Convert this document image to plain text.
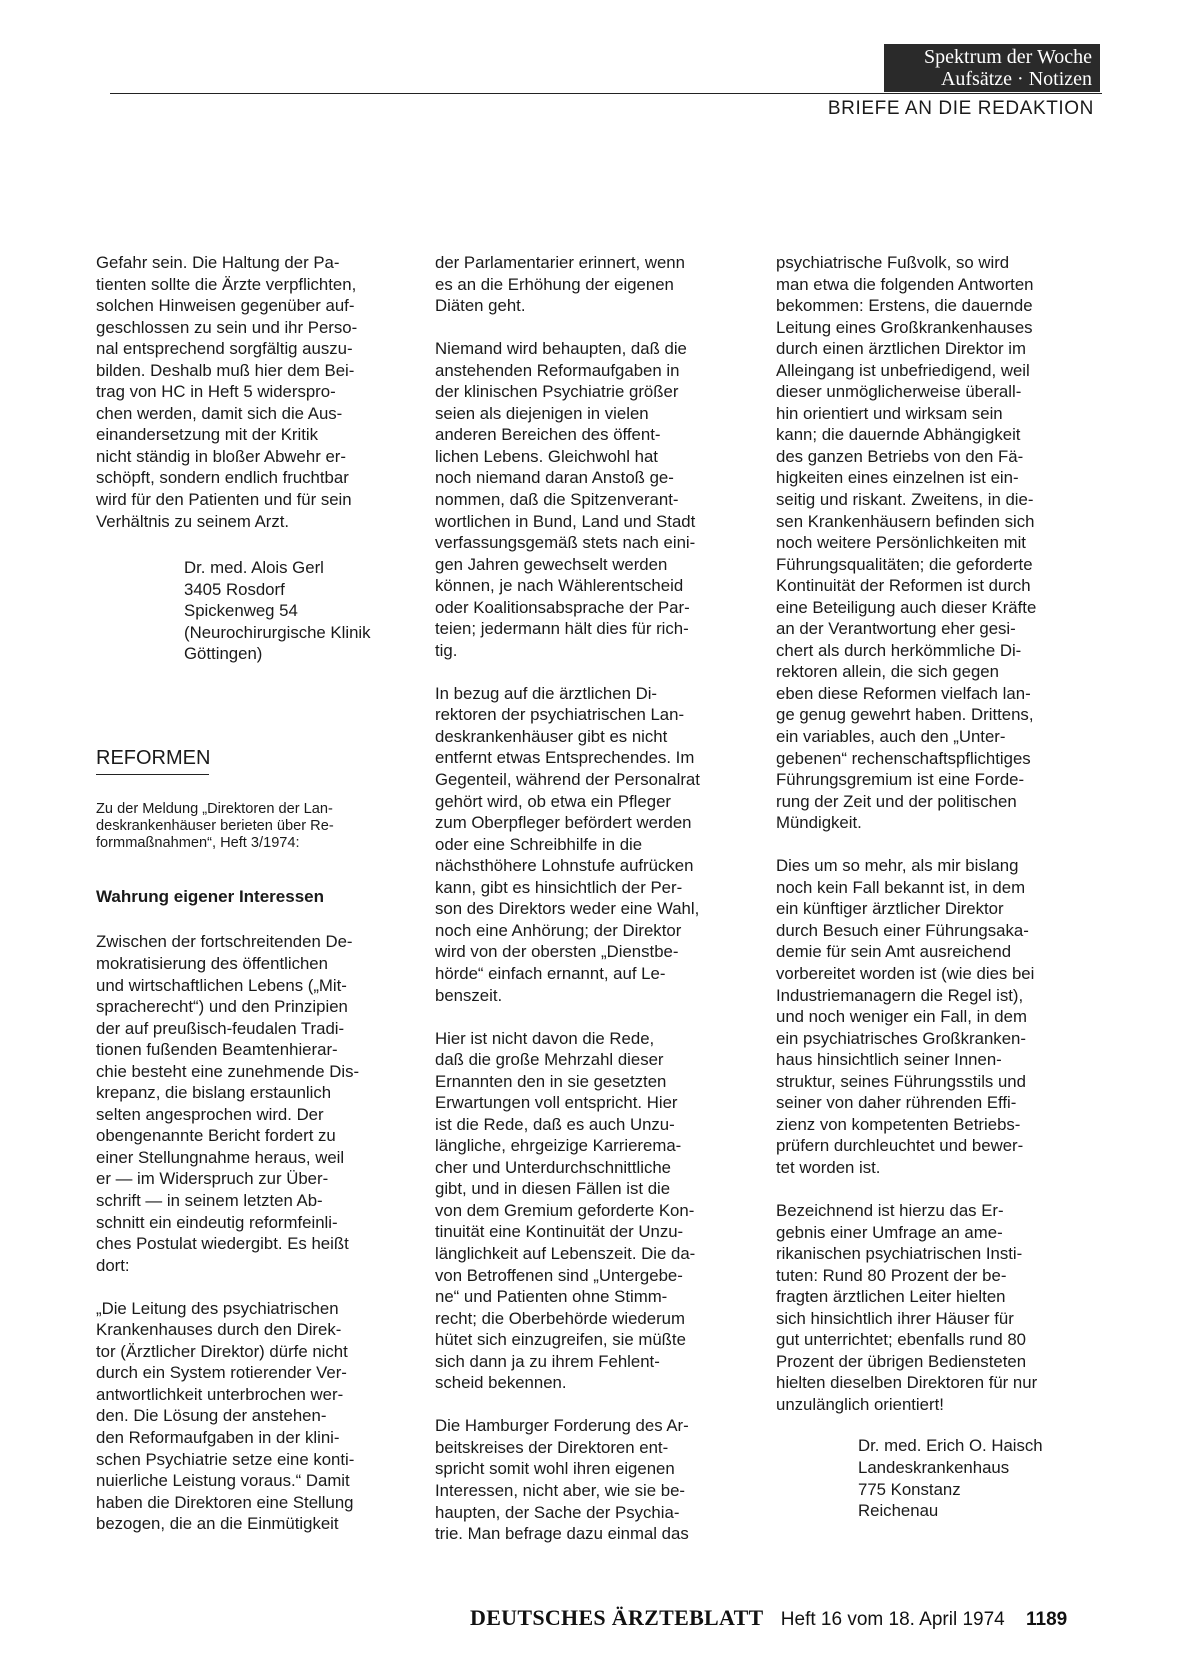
Spektrum der Woche
Aufsätze · Notizen
BRIEFE AN DIE REDAKTION

Gefahr sein. Die Haltung der Pa-
tienten sollte die Ärzte verpflichten,
solchen Hinweisen gegenüber auf-
geschlossen zu sein und ihr Perso-
nal entsprechend sorgfältig auszu-
bilden. Deshalb muß hier dem Bei-
trag von HC in Heft 5 widerspro-
chen werden, damit sich die Aus-
einandersetzung mit der Kritik
nicht ständig in bloßer Abwehr er-
schöpft, sondern endlich fruchtbar
wird für den Patienten und für sein
Verhältnis zu seinem Arzt.

Dr. med. Alois Gerl
3405 Rosdorf
Spickenweg 54
(Neurochirurgische Klinik
Göttingen)

REFORMEN

Zu der Meldung „Direktoren der Lan-
deskrankenhäuser berieten über Re-
formmaßnahmen“, Heft 3/1974:

Wahrung eigener Interessen

Zwischen der fortschreitenden De-
mokratisierung des öffentlichen
und wirtschaftlichen Lebens („Mit-
spracherecht“) und den Prinzipien
der auf preußisch-feudalen Tradi-
tionen fußenden Beamtenhierar-
chie besteht eine zunehmende Dis-
krepanz, die bislang erstaunlich
selten angesprochen wird. Der
obengenannte Bericht fordert zu
einer Stellungnahme heraus, weil
er — im Widerspruch zur Über-
schrift — in seinem letzten Ab-
schnitt ein eindeutig reformfeinli-
ches Postulat wiedergibt. Es heißt
dort:

„Die Leitung des psychiatrischen
Krankenhauses durch den Direk-
tor (Ärztlicher Direktor) dürfe nicht
durch ein System rotierender Ver-
antwortlichkeit unterbrochen wer-
den. Die Lösung der anstehen-
den Reformaufgaben in der klini-
schen Psychiatrie setze eine konti-
nuierliche Leistung voraus.“ Damit
haben die Direktoren eine Stellung
bezogen, die an die Einmütigkeit

der Parlamentarier erinnert, wenn
es an die Erhöhung der eigenen
Diäten geht.

Niemand wird behaupten, daß die
anstehenden Reformaufgaben in
der klinischen Psychiatrie größer
seien als diejenigen in vielen
anderen Bereichen des öffent-
lichen Lebens. Gleichwohl hat
noch niemand daran Anstoß ge-
nommen, daß die Spitzenverant-
wortlichen in Bund, Land und Stadt
verfassungsgemäß stets nach eini-
gen Jahren gewechselt werden
können, je nach Wählerentscheid
oder Koalitionsabsprache der Par-
teien; jedermann hält dies für rich-
tig.

In bezug auf die ärztlichen Di-
rektoren der psychiatrischen Lan-
deskrankenhäuser gibt es nicht
entfernt etwas Entsprechendes. Im
Gegenteil, während der Personalrat
gehört wird, ob etwa ein Pfleger
zum Oberpfleger befördert werden
oder eine Schreibhilfe in die
nächsthöhere Lohnstufe aufrücken
kann, gibt es hinsichtlich der Per-
son des Direktors weder eine Wahl,
noch eine Anhörung; der Direktor
wird von der obersten „Dienstbe-
hörde“ einfach ernannt, auf Le-
benszeit.

Hier ist nicht davon die Rede,
daß die große Mehrzahl dieser
Ernannten den in sie gesetzten
Erwartungen voll entspricht. Hier
ist die Rede, daß es auch Unzu-
längliche, ehrgeizige Karrierema-
cher und Unterdurchschnittliche
gibt, und in diesen Fällen ist die
von dem Gremium geforderte Kon-
tinuität eine Kontinuität der Unzu-
länglichkeit auf Lebenszeit. Die da-
von Betroffenen sind „Untergebe-
ne“ und Patienten ohne Stimm-
recht; die Oberbehörde wiederum
hütet sich einzugreifen, sie müßte
sich dann ja zu ihrem Fehlent-
scheid bekennen.

Die Hamburger Forderung des Ar-
beitskreises der Direktoren ent-
spricht somit wohl ihren eigenen
Interessen, nicht aber, wie sie be-
haupten, der Sache der Psychia-
trie. Man befrage dazu einmal das

psychiatrische Fußvolk, so wird
man etwa die folgenden Antworten
bekommen: Erstens, die dauernde
Leitung eines Großkrankenhauses
durch einen ärztlichen Direktor im
Alleingang ist unbefriedigend, weil
dieser unmöglicherweise überall-
hin orientiert und wirksam sein
kann; die dauernde Abhängigkeit
des ganzen Betriebs von den Fä-
higkeiten eines einzelnen ist ein-
seitig und riskant. Zweitens, in die-
sen Krankenhäusern befinden sich
noch weitere Persönlichkeiten mit
Führungsqualitäten; die geforderte
Kontinuität der Reformen ist durch
eine Beteiligung auch dieser Kräfte
an der Verantwortung eher gesi-
chert als durch herkömmliche Di-
rektoren allein, die sich gegen
eben diese Reformen vielfach lan-
ge genug gewehrt haben. Drittens,
ein variables, auch den „Unter-
gebenen“ rechenschaftspflichtiges
Führungsgremium ist eine Forde-
rung der Zeit und der politischen
Mündigkeit.

Dies um so mehr, als mir bislang
noch kein Fall bekannt ist, in dem
ein künftiger ärztlicher Direktor
durch Besuch einer Führungsaka-
demie für sein Amt ausreichend
vorbereitet worden ist (wie dies bei
Industriemanagern die Regel ist),
und noch weniger ein Fall, in dem
ein psychiatrisches Großkranken-
haus hinsichtlich seiner Innen-
struktur, seines Führungsstils und
seiner von daher rührenden Effi-
zienz von kompetenten Betriebs-
prüfern durchleuchtet und bewer-
tet worden ist.

Bezeichnend ist hierzu das Er-
gebnis einer Umfrage an ame-
rikanischen psychiatrischen Insti-
tuten: Rund 80 Prozent der be-
fragten ärztlichen Leiter hielten
sich hinsichtlich ihrer Häuser für
gut unterrichtet; ebenfalls rund 80
Prozent der übrigen Bediensteten
hielten dieselben Direktoren für nur
unzulänglich orientiert!

Dr. med. Erich O. Haisch
Landeskrankenhaus
775 Konstanz
Reichenau

DEUTSCHES ÄRZTEBLATT Heft 16 vom 18. April 1974 1189
